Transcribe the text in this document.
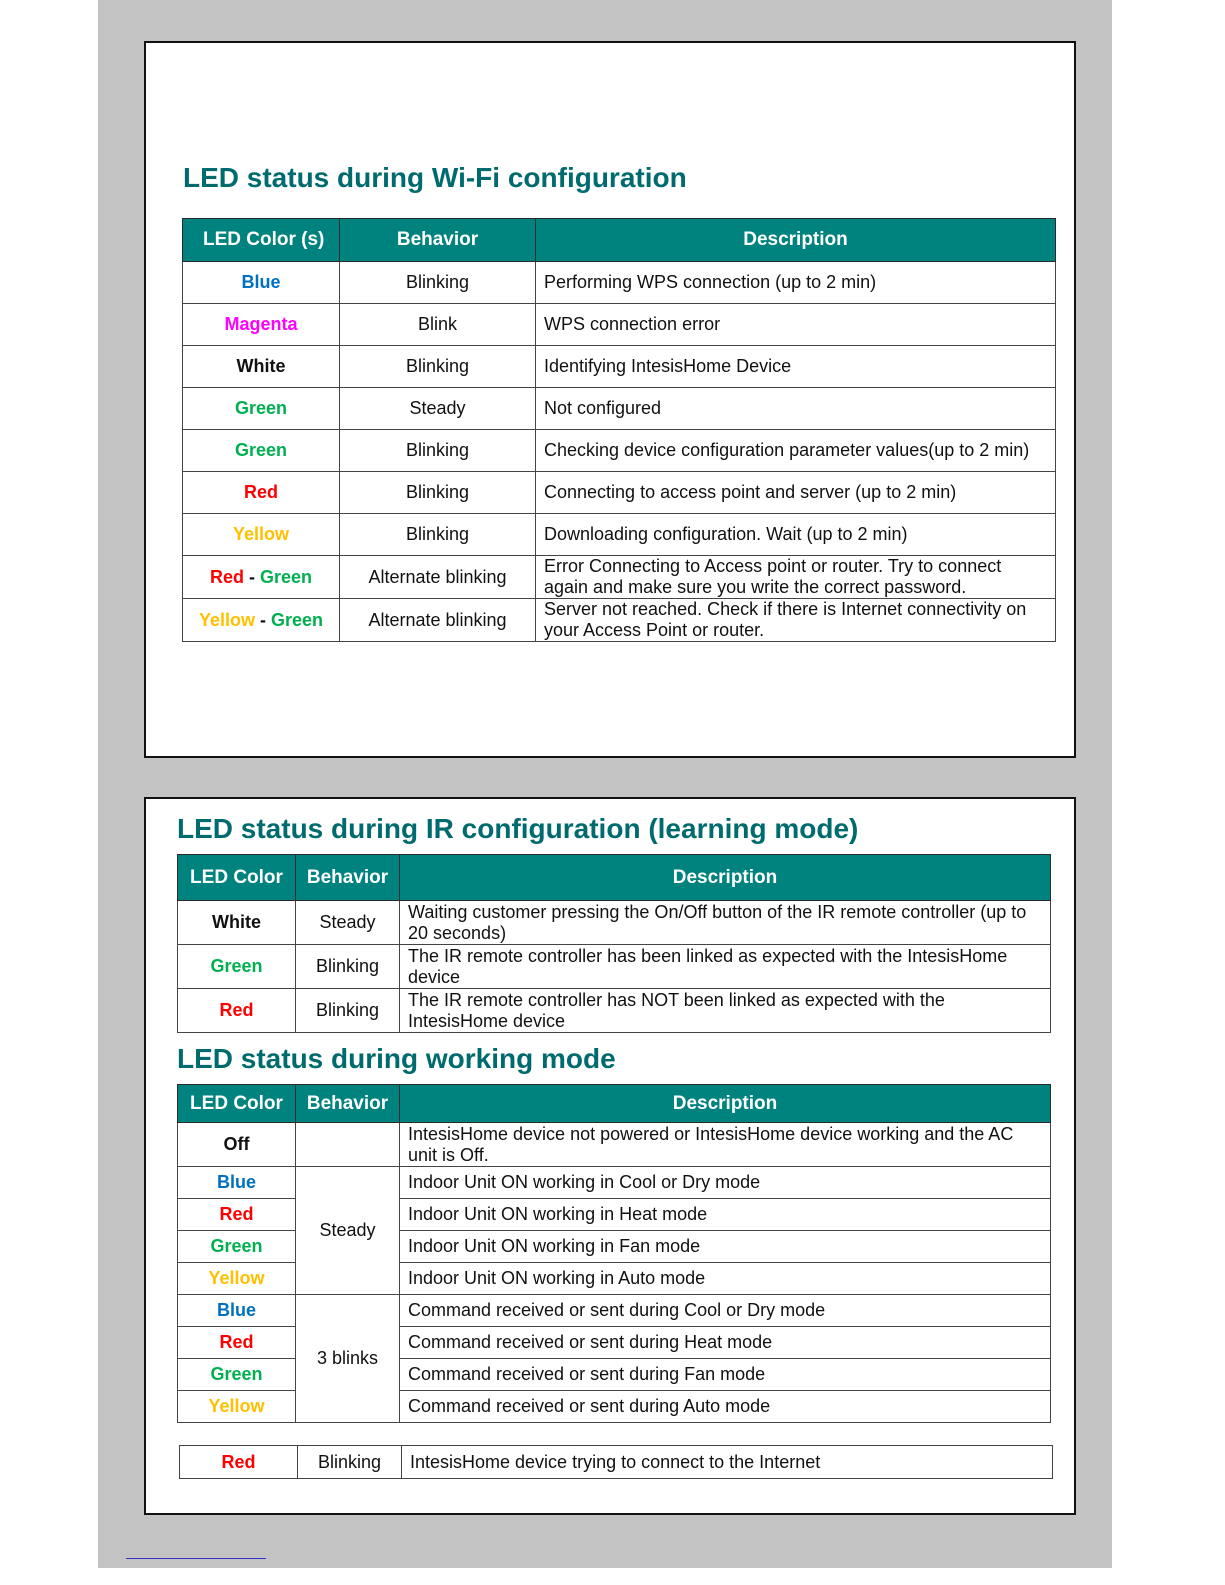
LED status during Wi-Fi configuration
LED Color (s)	Behavior	Description
Blue	Blinking	Performing WPS connection (up to 2 min)
Magenta	Blink	WPS connection error
White	Blinking	Identifying IntesisHome Device
Green	Steady	Not configured
Green	Blinking	Checking device configuration parameter values(up to 2 min)
Red	Blinking	Connecting to access point and server (up to 2 min)
Yellow	Blinking	Downloading configuration. Wait (up to 2 min)
Red - Green	Alternate blinking	Error Connecting to Access point or router. Try to connect again and make sure you write the correct password.
Yellow - Green	Alternate blinking	Server not reached. Check if there is Internet connectivity on your Access Point or router.
LED status during IR configuration (learning mode)
LED Color	Behavior	Description
White	Steady	Waiting customer pressing the On/Off button of the IR remote controller (up to 20 seconds)
Green	Blinking	The IR remote controller has been linked as expected with the IntesisHome device
Red	Blinking	The IR remote controller has NOT been linked as expected with the IntesisHome device
LED status during working mode
LED Color	Behavior	Description
Off		IntesisHome device not powered or IntesisHome device working and the AC unit is Off.
Blue	Steady	Indoor Unit ON working in Cool or Dry mode
Red		Indoor Unit ON working in Heat mode
Green		Indoor Unit ON working in Fan mode
Yellow		Indoor Unit ON working in Auto mode
Blue	3 blinks	Command received or sent during Cool or Dry mode
Red		Command received or sent during Heat mode
Green		Command received or sent during Fan mode
Yellow		Command received or sent during Auto mode
Red	Blinking	IntesisHome device trying to connect to the Internet
